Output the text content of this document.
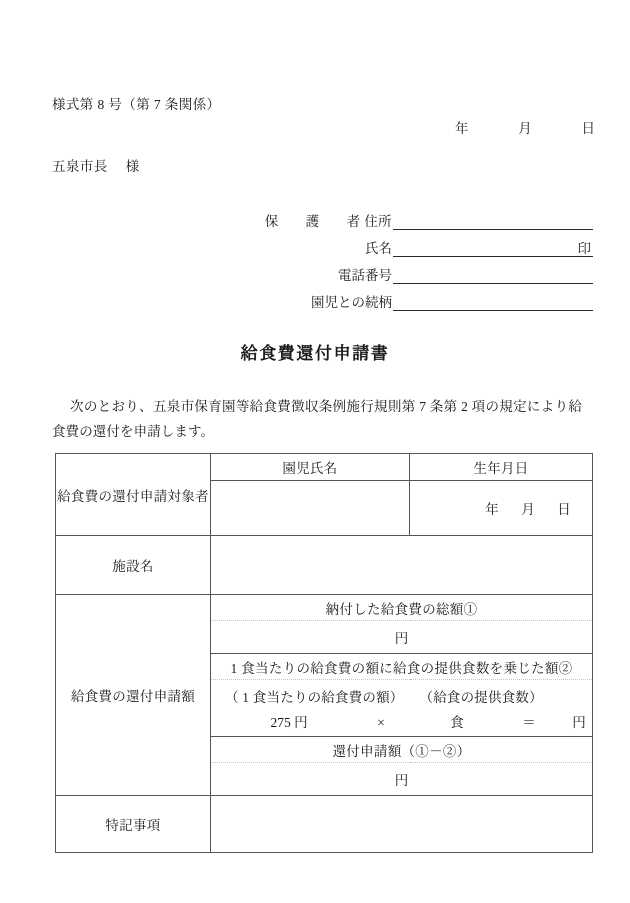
様式第 8 号（第 7 条関係）
年	月	日
五泉市長 様
保　護　者住所
氏名	印
電話番号
園児との続柄
給食費還付申請書
次のとおり、五泉市保育園等給食費徴収条例施行規則第 7 条第 2 項の規定により給食費の還付を申請します。
給食費の還付申請対象者	園児氏名	生年月日
		年 月 日
施設名		
給食費の還付申請額	納付した給食費の総額①	
	円	
	1 食当たりの給食費の額に給食の提供食数を乗じた額②	

	（ 1 食当たりの給食費の額） （給食の提供食数）
275 円 × 食 ＝ 円	

	還付申請額（①－②）	
	円	
特記事項		
